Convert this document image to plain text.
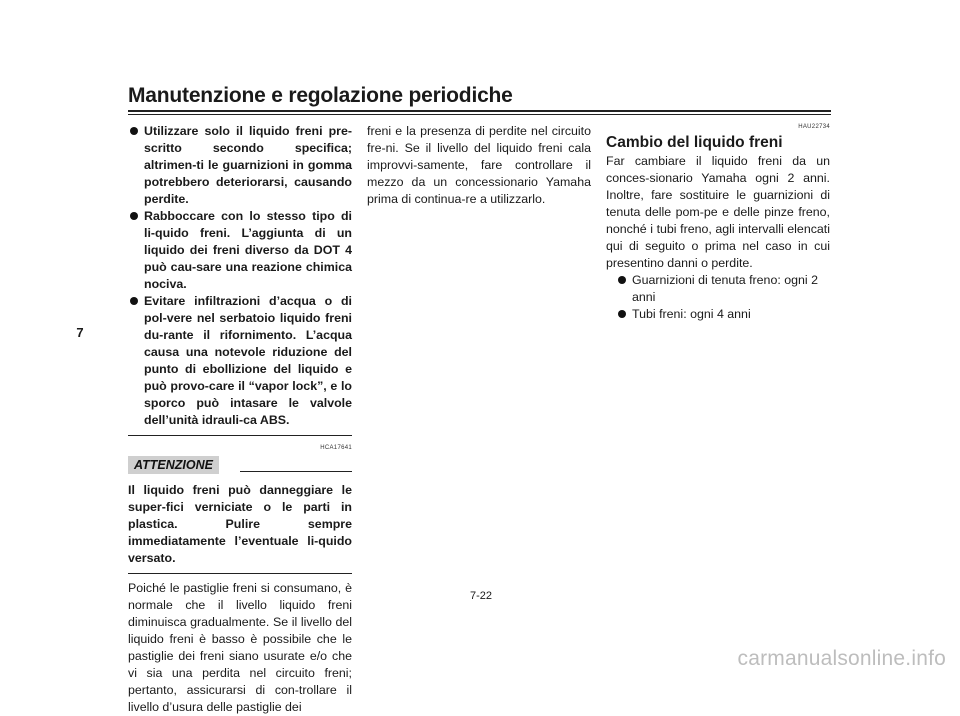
Manutenzione e regolazione periodiche
7
Utilizzare solo il liquido freni pre-scritto secondo specifica; altrimen-ti le guarnizioni in gomma potrebbero deteriorarsi, causando perdite.
Rabboccare con lo stesso tipo di li-quido freni. L’aggiunta di un liquido dei freni diverso da DOT 4 può cau-sare una reazione chimica nociva.
Evitare infiltrazioni d’acqua o di pol-vere nel serbatoio liquido freni du-rante il rifornimento. L’acqua causa una notevole riduzione del punto di ebollizione del liquido e può provo-care il “vapor lock”, e lo sporco può intasare le valvole dell’unità idrauli-ca ABS.
HCA17641
ATTENZIONE

Il liquido freni può danneggiare le super-fici verniciate o le parti in plastica. Pulire sempre immediatamente l’eventuale li-quido versato.

Poiché le pastiglie freni si consumano, è normale che il livello liquido freni diminuisca gradualmente. Se il livello del liquido freni è basso è possibile che le pastiglie dei freni siano usurate e/o che vi sia una perdita nel circuito freni; pertanto, assicurarsi di con-trollare il livello d’usura delle pastiglie dei

freni e la presenza di perdite nel circuito fre-ni. Se il livello del liquido freni cala improvvi-samente, fare controllare il mezzo da un concessionario Yamaha prima di continua-re a utilizzarlo.

HAU22734
Cambio del liquido freni

Far cambiare il liquido freni da un conces-sionario Yamaha ogni 2 anni. Inoltre, fare sostituire le guarnizioni di tenuta delle pom-pe e delle pinze freno, nonché i tubi freno, agli intervalli elencati qui di seguito o prima nel caso in cui presentino danni o perdite.

Guarnizioni di tenuta freno: ogni 2 anni
Tubi freni: ogni 4 anni
7-22
carmanualsonline.info
